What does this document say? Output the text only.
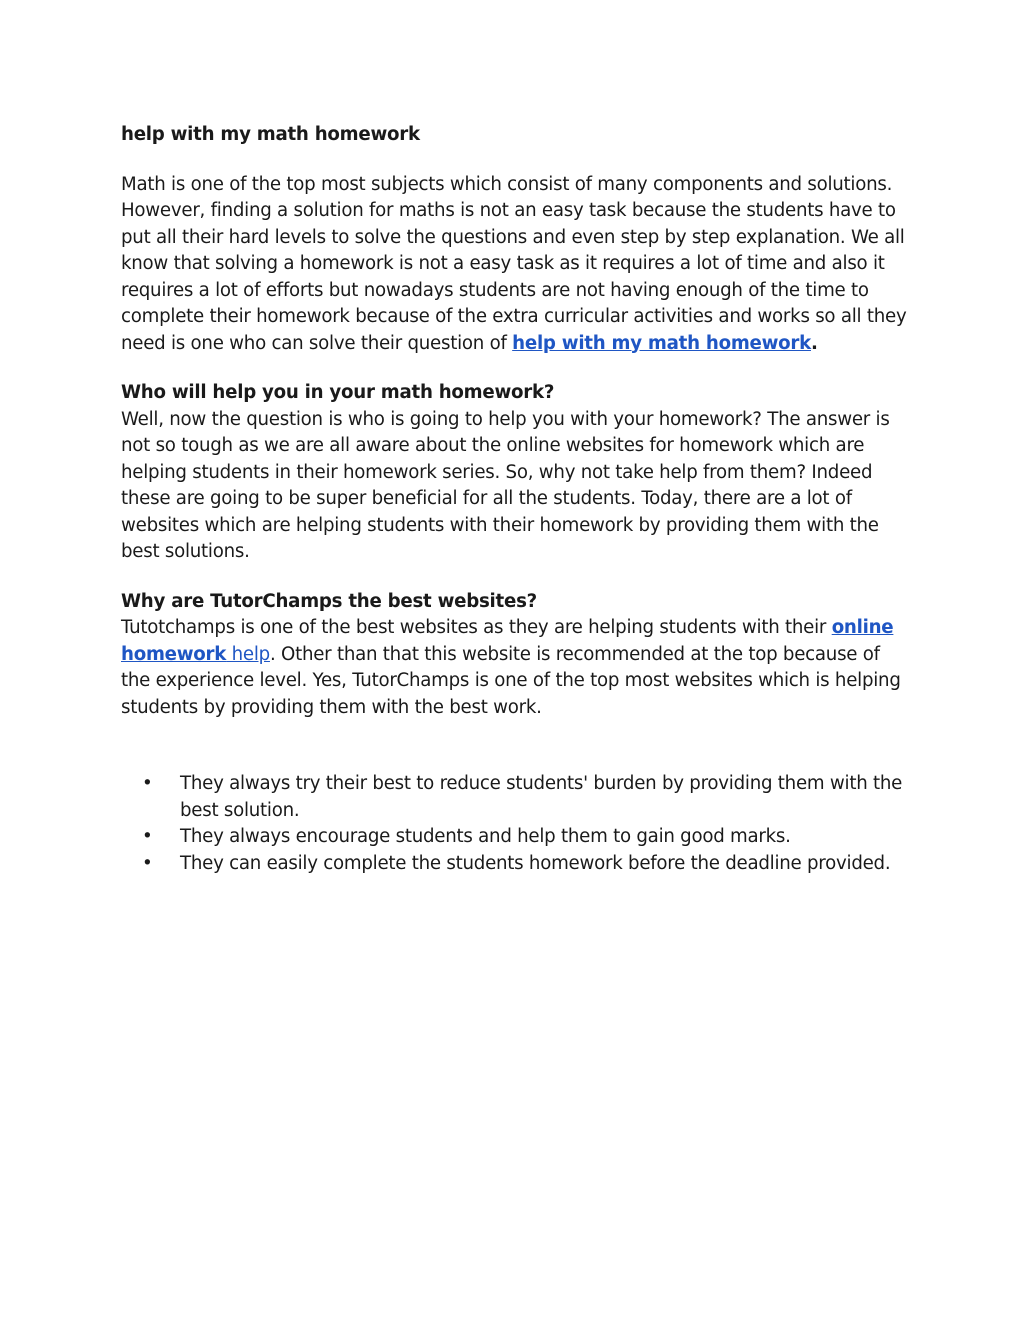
help with my math homework

Math is one of the top most subjects which consist of many components and solutions. However, finding a solution for maths is not an easy task because the students have to put all their hard levels to solve the questions and even step by step explanation. We all know that solving a homework is not a easy task as it requires a lot of time and also it requires a lot of efforts but nowadays students are not having enough of the time to complete their homework because of the extra curricular activities and works so all they need is one who can solve their question of help with my math homework.

Who will help you in your math homework?
Well, now the question is who is going to help you with your homework? The answer is not so tough as we are all aware about the online websites for homework which are helping students in their homework series. So, why not take help from them? Indeed these are going to be super beneficial for all the students. Today, there are a lot of websites which are helping students with their homework by providing them with the best solutions.

Why are TutorChamps the best websites?
Tutotchamps is one of the best websites as they are helping students with their online homework help. Other than that this website is recommended at the top because of the experience level. Yes, TutorChamps is one of the top most websites which is helping students by providing them with the best work.

• They always try their best to reduce students' burden by providing them with the best solution.
• They always encourage students and help them to gain good marks.
• They can easily complete the students homework before the deadline provided.
